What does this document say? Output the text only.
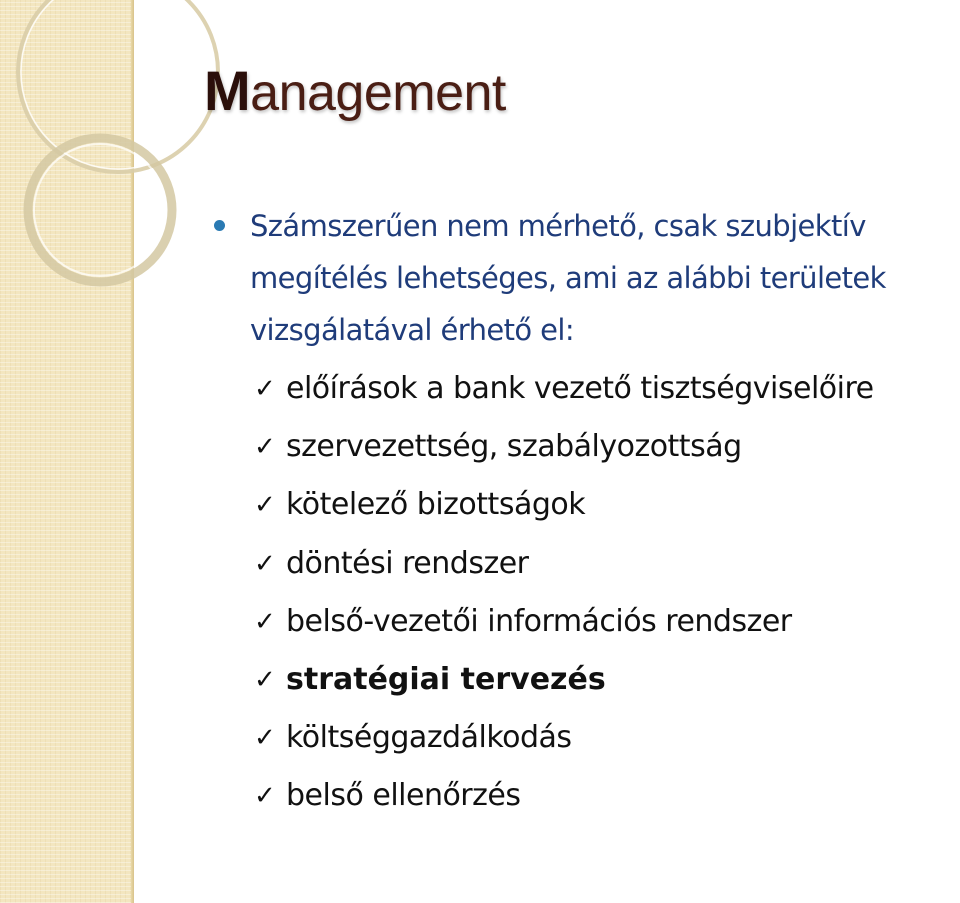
Management
Számszerűen nem mérhető, csak szubjektív megítélés lehetséges, ami az alábbi területek vizsgálatával érhető el:
✓ előírások a bank vezető tisztségviselőire
✓ szervezettség, szabályozottság
✓ kötelező bizottságok
✓ döntési rendszer
✓ belső-vezetői információs rendszer
✓ stratégiai tervezés
✓ költséggazdálkodás
✓ belső ellenőrzés
